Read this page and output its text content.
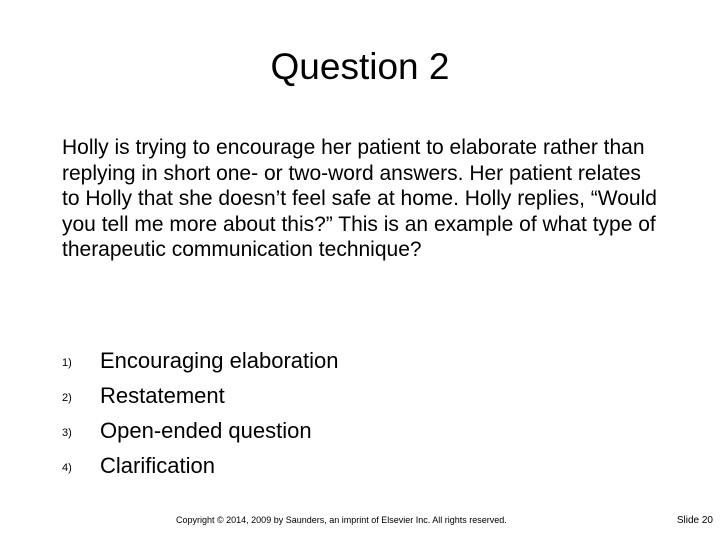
Question 2
Holly is trying to encourage her patient to elaborate rather than replying in short one- or two-word answers. Her patient relates to Holly that she doesn’t feel safe at home. Holly replies, “Would you tell me more about this?” This is an example of what type of therapeutic communication technique?
1) Encouraging elaboration
2) Restatement
3) Open-ended question
4) Clarification
Copyright © 2014, 2009 by Saunders, an imprint of Elsevier Inc. All rights reserved.	Slide 20
